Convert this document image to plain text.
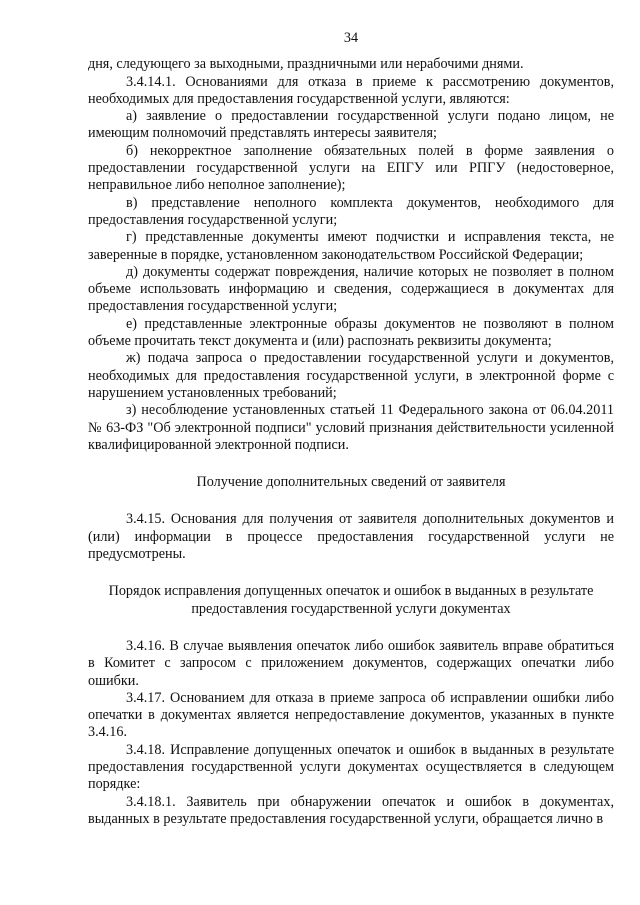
34

дня, следующего за выходными, праздничными или нерабочими днями.

3.4.14.1. Основаниями для отказа в приеме к рассмотрению документов, необходимых для предоставления государственной услуги, являются:

а) заявление о предоставлении государственной услуги подано лицом, не имеющим полномочий представлять интересы заявителя;

б) некорректное заполнение обязательных полей в форме заявления о предоставлении государственной услуги на ЕПГУ или РПГУ (недостоверное, неправильное либо неполное заполнение);

в) представление неполного комплекта документов, необходимого для предоставления государственной услуги;

г) представленные документы имеют подчистки и исправления текста, не заверенные в порядке, установленном законодательством Российской Федерации;

д) документы содержат повреждения, наличие которых не позволяет в полном объеме использовать информацию и сведения, содержащиеся в документах для предоставления государственной услуги;

е) представленные электронные образы документов не позволяют в полном объеме прочитать текст документа и (или) распознать реквизиты документа;

ж) подача запроса о предоставлении государственной услуги и документов, необходимых для предоставления государственной услуги, в электронной форме с нарушением установленных требований;

з) несоблюдение установленных статьей 11 Федерального закона от 06.04.2011 № 63-ФЗ "Об электронной подписи" условий признания действительности усиленной квалифицированной электронной подписи.

Получение дополнительных сведений от заявителя

3.4.15. Основания для получения от заявителя дополнительных документов и (или) информации в процессе предоставления государственной услуги не предусмотрены.

Порядок исправления допущенных опечаток и ошибок в выданных в результате предоставления государственной услуги документах

3.4.16. В случае выявления опечаток либо ошибок заявитель вправе обратиться в Комитет с запросом с приложением документов, содержащих опечатки либо ошибки.

3.4.17. Основанием для отказа в приеме запроса об исправлении ошибки либо опечатки в документах является непредоставление документов, указанных в пункте 3.4.16.

3.4.18. Исправление допущенных опечаток и ошибок в выданных в результате предоставления государственной услуги документах осуществляется в следующем порядке:

3.4.18.1. Заявитель при обнаружении опечаток и ошибок в документах, выданных в результате предоставления государственной услуги, обращается лично в
